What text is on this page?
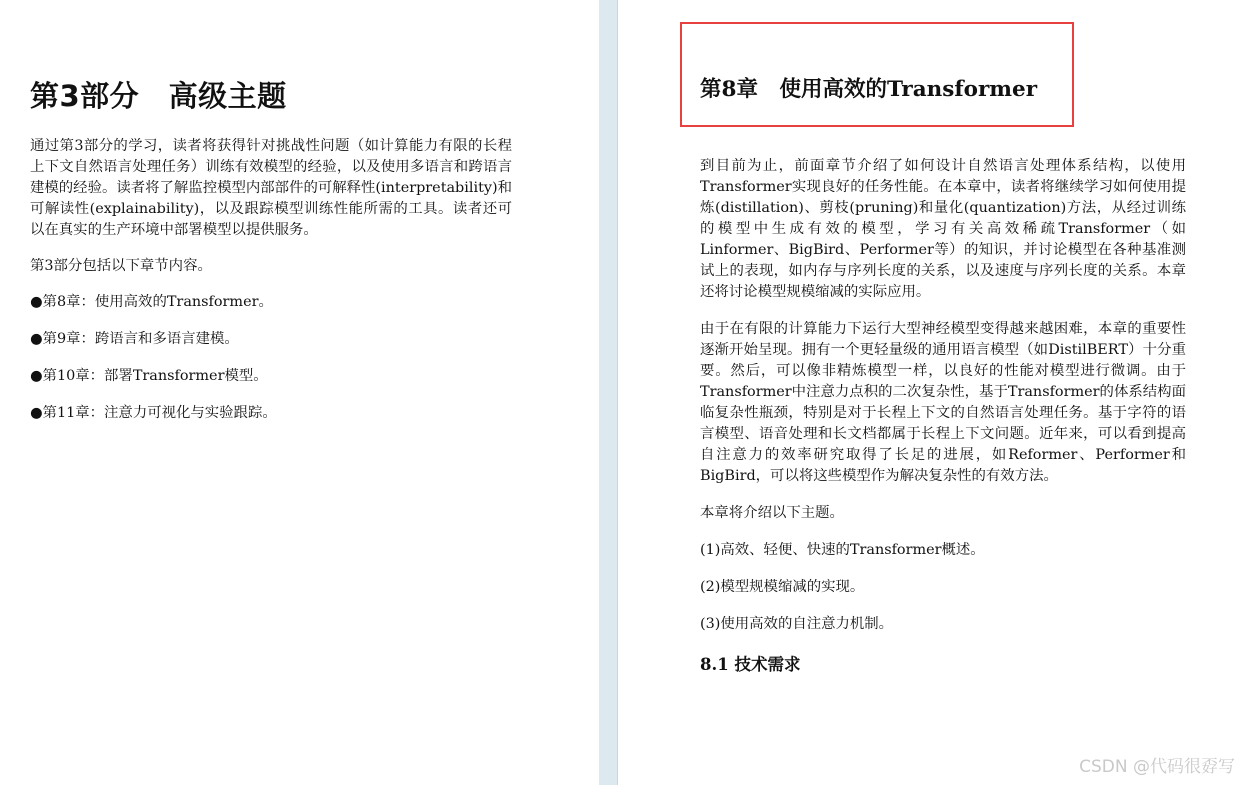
第3部分　高级主题

通过第3部分的学习，读者将获得针对挑战性问题（如计算能力有限的长程上下文自然语言处理任务）训练有效模型的经验，以及使用多语言和跨语言建模的经验。读者将了解监控模型内部部件的可解释性(interpretability)和可解读性(explainability)，以及跟踪模型训练性能所需的工具。读者还可以在真实的生产环境中部署模型以提供服务。

第3部分包括以下章节内容。

●第8章：使用高效的Transformer。

●第9章：跨语言和多语言建模。

●第10章：部署Transformer模型。

●第11章：注意力可视化与实验跟踪。

第8章　使用高效的Transformer

到目前为止，前面章节介绍了如何设计自然语言处理体系结构，以使用Transformer实现良好的任务性能。在本章中，读者将继续学习如何使用提炼(distillation)、剪枝(pruning)和量化(quantization)方法，从经过训练的模型中生成有效的模型，学习有关高效稀疏Transformer（如Linformer、BigBird、Performer等）的知识，并讨论模型在各种基准测试上的表现，如内存与序列长度的关系，以及速度与序列长度的关系。本章还将讨论模型规模缩减的实际应用。

由于在有限的计算能力下运行大型神经模型变得越来越困难，本章的重要性逐渐开始呈现。拥有一个更轻量级的通用语言模型（如DistilBERT）十分重要。然后，可以像非精炼模型一样，以良好的性能对模型进行微调。由于Transformer中注意力点积的二次复杂性，基于Transformer的体系结构面临复杂性瓶颈，特别是对于长程上下文的自然语言处理任务。基于字符的语言模型、语音处理和长文档都属于长程上下文问题。近年来，可以看到提高自注意力的效率研究取得了长足的进展，如Reformer、Performer和BigBird，可以将这些模型作为解决复杂性的有效方法。

本章将介绍以下主题。

(1)高效、轻便、快速的Transformer概述。

(2)模型规模缩减的实现。

(3)使用高效的自注意力机制。

8.1 技术需求
CSDN @代码很孬写
